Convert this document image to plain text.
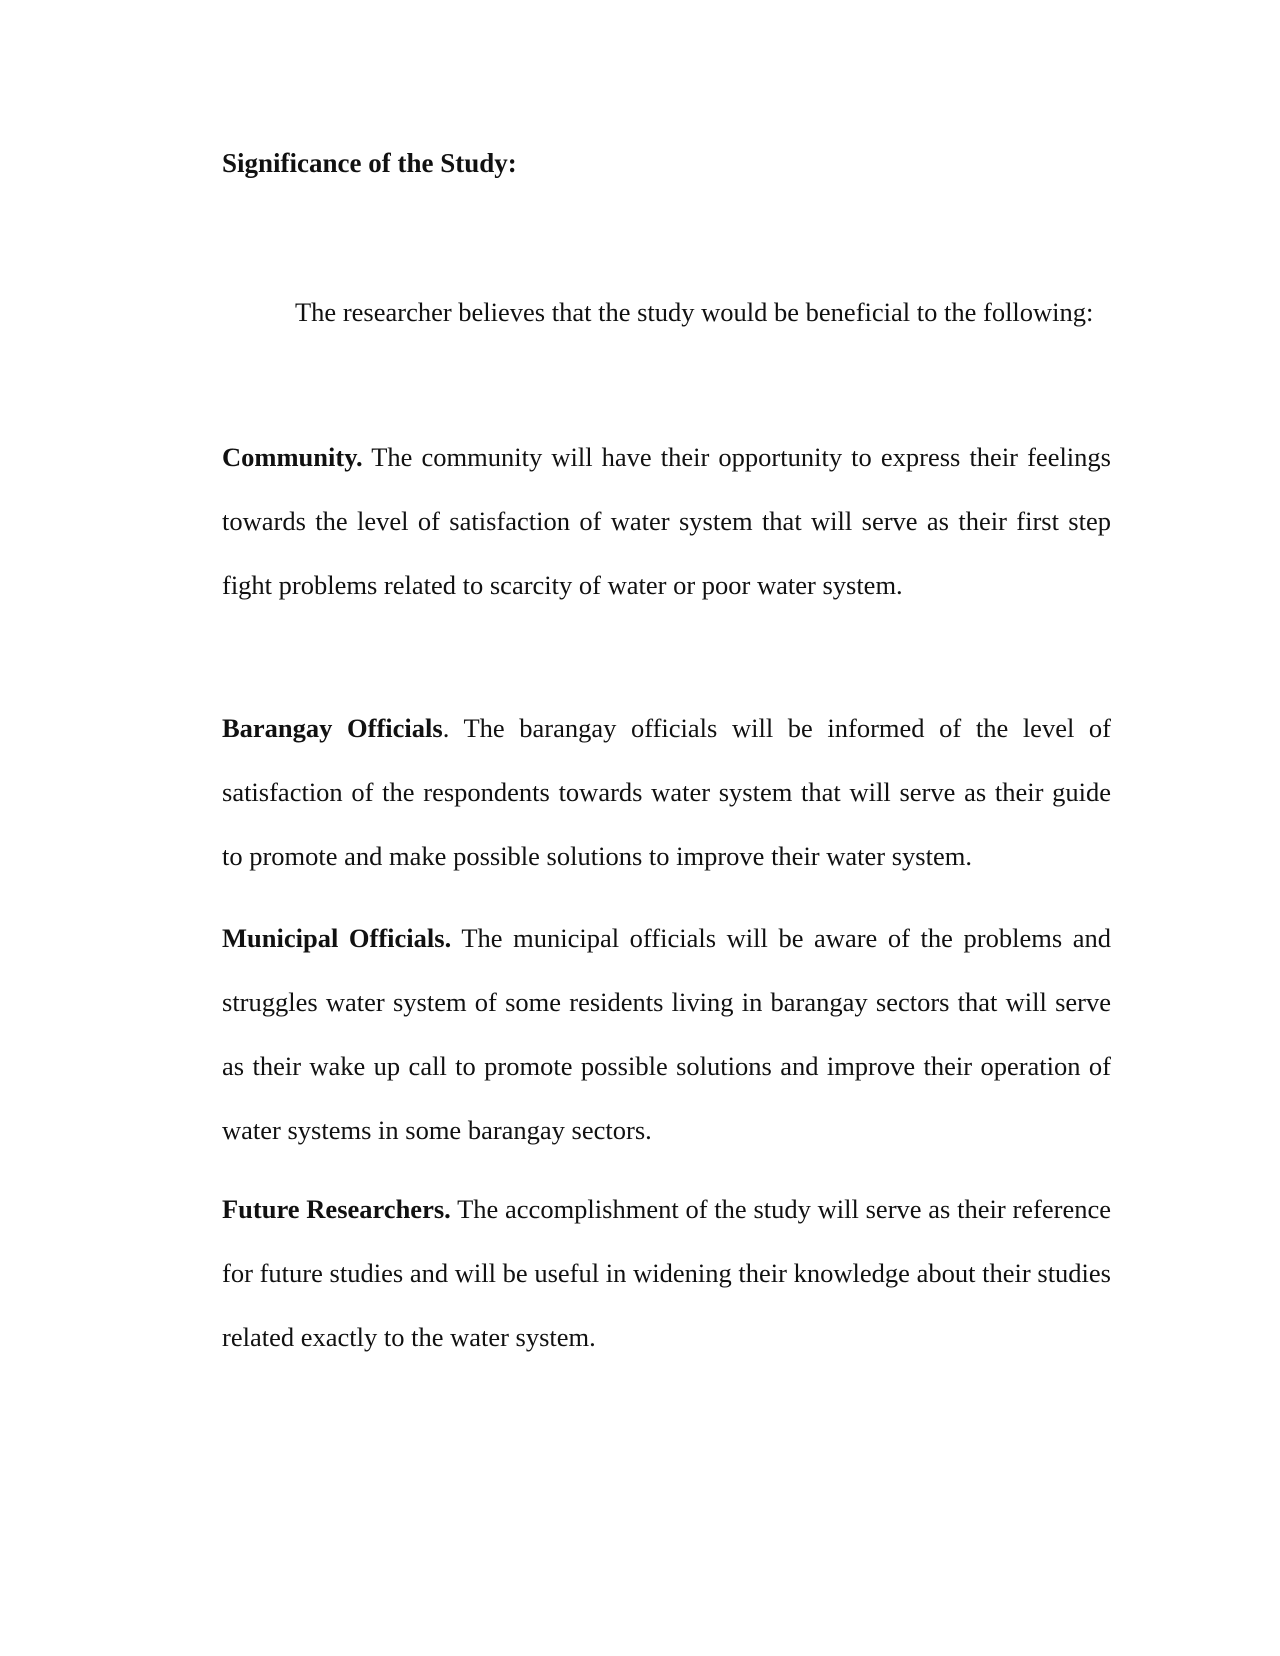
Significance of the Study:

The researcher believes that the study would be beneficial to the following:

Community. The community will have their opportunity to express their feelings towards the level of satisfaction of water system that will serve as their first step fight problems related to scarcity of water or poor water system.

Barangay Officials. The barangay officials will be informed of the level of satisfaction of the respondents towards water system that will serve as their guide to promote and make possible solutions to improve their water system.

Municipal Officials. The municipal officials will be aware of the problems and struggles water system of some residents living in barangay sectors that will serve as their wake up call to promote possible solutions and improve their operation of water systems in some barangay sectors.

Future Researchers. The accomplishment of the study will serve as their reference for future studies and will be useful in widening their knowledge about their studies related exactly to the water system.
